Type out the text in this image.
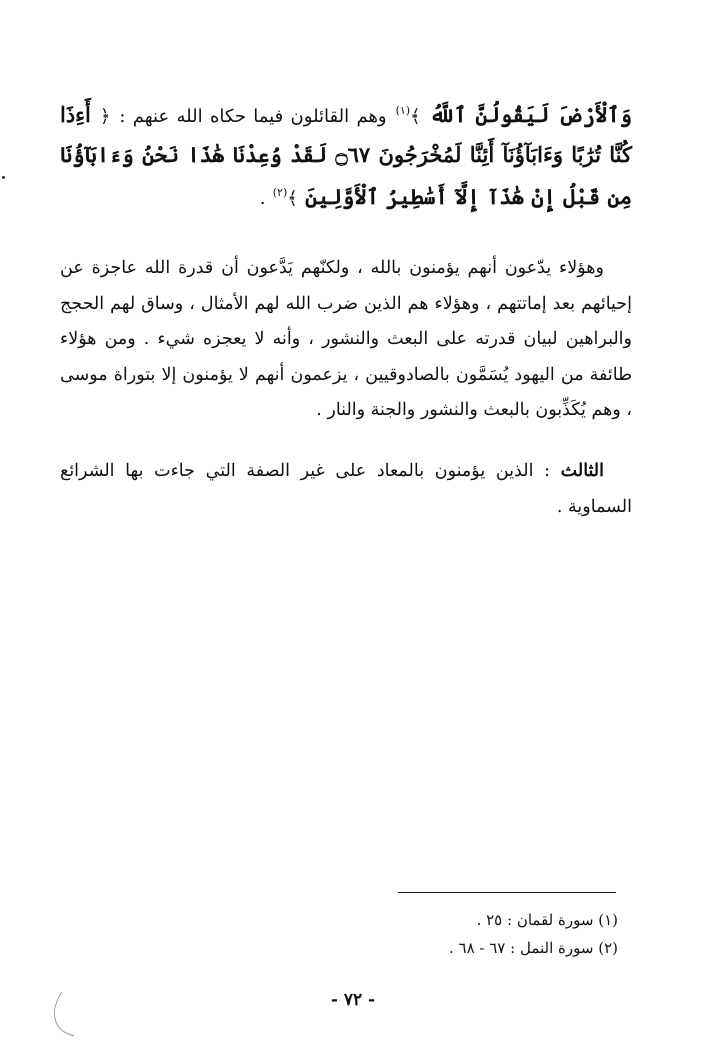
وَٱلْأَرْضَ لَيَقُولُنَّ ٱللَّهُ ﴾$^{(١)}$ وهم القائلون فيما حكاه الله عنهم : ﴿ أَءِذَا كُنَّا تُرَٰبًا وَءَابَآؤُنَآ أَئِنَّا لَمُخْرَجُونَ ۝٦٧ لَقَدْ وُعِدْنَا هَٰذَا نَحْنُ وَءَابَآؤُنَا مِن قَبْلُ إِنْ هَٰذَآ إِلَّآ أَسَٰطِيرُ ٱلْأَوَّلِينَ ﴾$^{(٢)}$ .
وهؤلاء يدّعون أنهم يؤمنون بالله ، ولكنّهم يَدَّعون أن قدرة الله عاجزة عن إحيائهم بعد إماتتهم ، وهؤلاء هم الذين ضرب الله لهم الأمثال ، وساق لهم الحجج والبراهين لبيان قدرته على البعث والنشور ، وأنه لا يعجزه شيء . ومن هؤلاء طائفة من اليهود يُسَمَّون بالصادوقيين ، يزعمون أنهم لا يؤمنون إلا بتوراة موسى ، وهم يُكَذِّبون بالبعث والنشور والجنة والنار .
الثالث : الذين يؤمنون بالمعاد على غير الصفة التي جاءت بها الشرائع السماوية .
(١) سورة لقمان : ٢٥ .
(٢) سورة النمل : ٦٧ - ٦٨ .
- ٧٢ -
